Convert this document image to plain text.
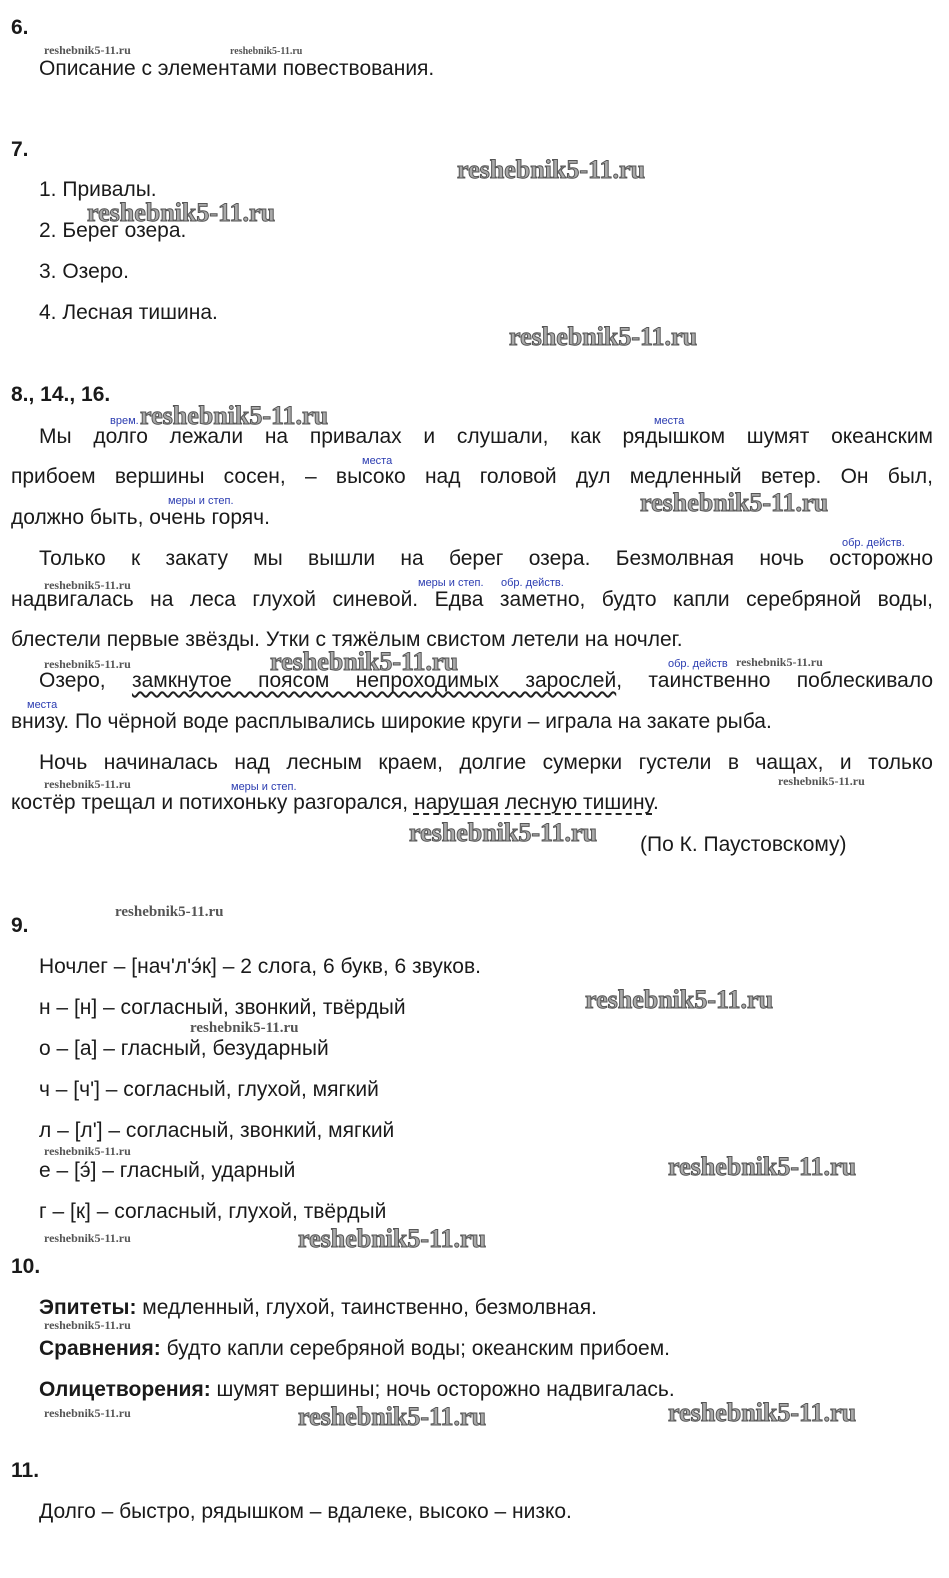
6.
Описание с элементами повествования.
7.
1. Привалы.
2. Берег озера.
3. Озеро.
4. Лесная тишина.
8., 14., 16.
Мы долго лежали на привалах и слушали, как рядышком шумят океанским
прибоем вершины сосен, – высоко над головой дул медленный ветер. Он был,
должно быть, очень горяч.
Только к закату мы вышли на берег озера. Безмолвная ночь осторожно
надвигалась на леса глухой синевой. Едва заметно, будто капли серебряной воды,
блестели первые звёзды. Утки с тяжёлым свистом летели на ночлег.
Озеро, замкнутое поясом непроходимых зарослей, таинственно поблескивало
внизу. По чёрной воде расплывались широкие круги – играла на закате рыба.
Ночь начиналась над лесным краем, долгие сумерки густели в чащах, и только
костёр трещал и потихоньку разгорался, нарушая лесную тишину.
(По К. Паустовскому)
врем.	места
места
меры и степ.
обр. действ.
меры и степ. обр. действ.
обр. действ
места
меры и степ.
9.
Ночлег – [нач'л'э́к] – 2 слога, 6 букв, 6 звуков.
н – [н] – согласный, звонкий, твёрдый
о – [а] – гласный, безударный
ч – [ч'] – согласный, глухой, мягкий
л – [л'] – согласный, звонкий, мягкий
е – [э́] – гласный, ударный
г – [к] – согласный, глухой, твёрдый
10.
Эпитеты: медленный, глухой, таинственно, безмолвная.
Сравнения: будто капли серебряной воды; океанским прибоем.
Олицетворения: шумят вершины; ночь осторожно надвигалась.
11.
Долго – быстро, рядышком – вдалеке, высоко – низко.
reshebnik5-11.ru	reshebnik5-11.ru
reshebnik5-11.ru
reshebnik5-11.ru
reshebnik5-11.ru
reshebnik5-11.ru
reshebnik5-11.ru
reshebnik5-11.ru
reshebnik5-11.ru
reshebnik5-11.ru	reshebnik5-11.ru
reshebnik5-11.ru	reshebnik5-11.ru
reshebnik5-11.ru
reshebnik5-11.ru
reshebnik5-11.ru
reshebnik5-11.ru
reshebnik5-11.ru
reshebnik5-11.ru
reshebnik5-11.ru	reshebnik5-11.ru
reshebnik5-11.ru
reshebnik5-11.ru	reshebnik5-11.ru	reshebnik5-11.ru
